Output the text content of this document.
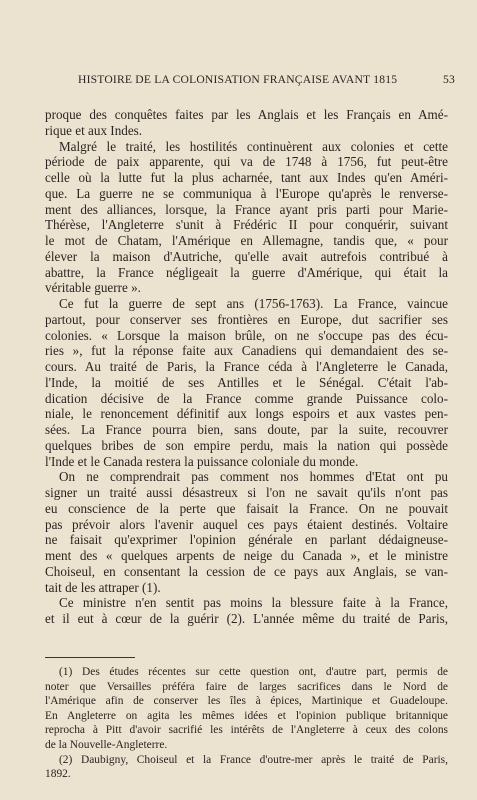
HISTOIRE DE LA COLONISATION FRANÇAISE AVANT 1815	53
proque des conquêtes faites par les Anglais et les Français en Amé-
rique et aux Indes.
Malgré le traité, les hostilités continuèrent aux colonies et cette
période de paix apparente, qui va de 1748 à 1756, fut peut-être
celle où la lutte fut la plus acharnée, tant aux Indes qu'en Améri-
que. La guerre ne se communiqua à l'Europe qu'après le renverse-
ment des alliances, lorsque, la France ayant pris parti pour Marie-
Thérèse, l'Angleterre s'unit à Frédéric II pour conquérir, suivant
le mot de Chatam, l'Amérique en Allemagne, tandis que, « pour
élever la maison d'Autriche, qu'elle avait autrefois contribué à
abattre, la France négligeait la guerre d'Amérique, qui était la
véritable guerre ».
Ce fut la guerre de sept ans (1756-1763). La France, vaincue
partout, pour conserver ses frontières en Europe, dut sacrifier ses
colonies. « Lorsque la maison brûle, on ne s'occupe pas des écu-
ries », fut la réponse faite aux Canadiens qui demandaient des se-
cours. Au traité de Paris, la France céda à l'Angleterre le Canada,
l'Inde, la moitié de ses Antilles et le Sénégal. C'était l'ab-
dication décisive de la France comme grande Puissance colo-
niale, le renoncement définitif aux longs espoirs et aux vastes pen-
sées. La France pourra bien, sans doute, par la suite, recouvrer
quelques bribes de son empire perdu, mais la nation qui possède
l'Inde et le Canada restera la puissance coloniale du monde.
On ne comprendrait pas comment nos hommes d'Etat ont pu
signer un traité aussi désastreux si l'on ne savait qu'ils n'ont pas
eu conscience de la perte que faisait la France. On ne pouvait
pas prévoir alors l'avenir auquel ces pays étaient destinés. Voltaire
ne faisait qu'exprimer l'opinion générale en parlant dédaigneuse-
ment des « quelques arpents de neige du Canada », et le ministre
Choiseul, en consentant la cession de ce pays aux Anglais, se van-
tait de les attraper (1).
Ce ministre n'en sentit pas moins la blessure faite à la France,
et il eut à cœur de la guérir (2). L'année même du traité de Paris,
(1) Des études récentes sur cette question ont, d'autre part, permis de
noter que Versailles préféra faire de larges sacrifices dans le Nord de
l'Amérique afin de conserver les îles à épices, Martinique et Guadeloupe.
En Angleterre on agita les mêmes idées et l'opinion publique britannique
reprocha à Pitt d'avoir sacrifié les intérêts de l'Angleterre à ceux des colons
de la Nouvelle-Angleterre.
(2) Daubigny, Choiseul et la France d'outre-mer après le traité de Paris,
1892.
